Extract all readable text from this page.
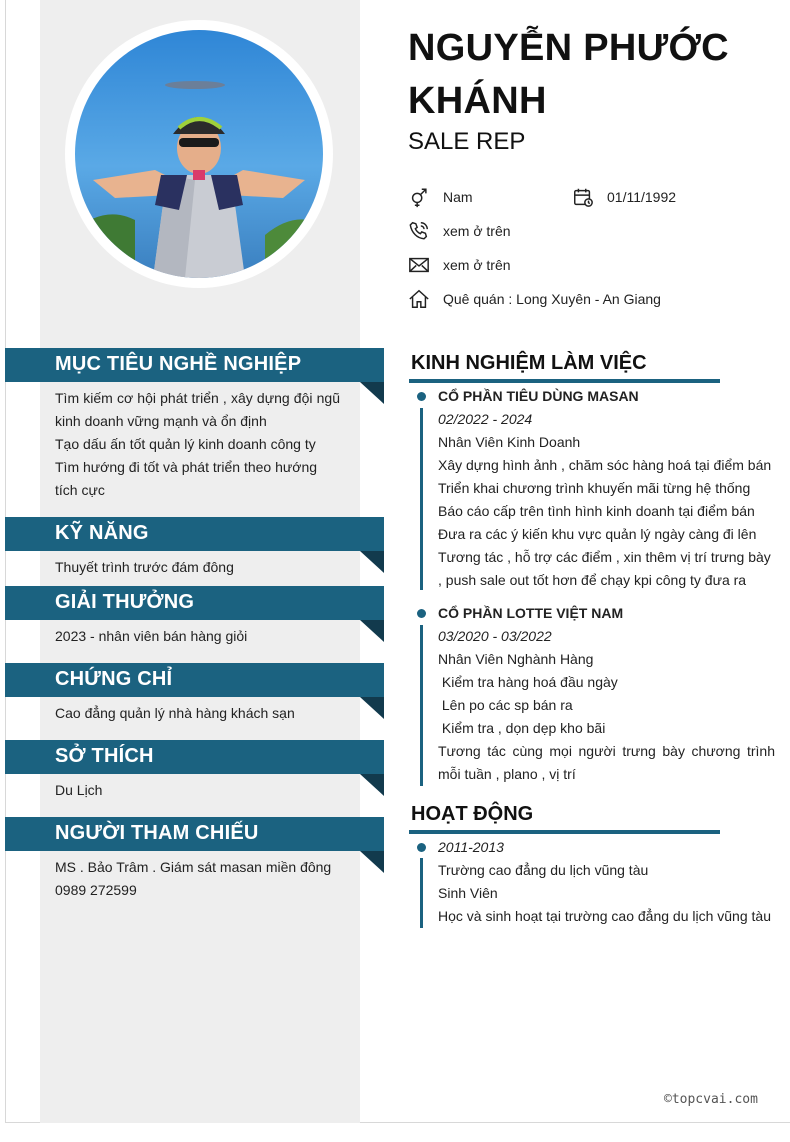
NGUYỄN PHƯỚC KHÁNH
SALE REP
Nam	01/11/1992
xem ở trên
xem ở trên
Quê quán : Long Xuyên - An Giang
MỤC TIÊU NGHỀ NGHIỆP
Tìm kiếm cơ hội phát triển , xây dựng đội ngũ kinh doanh vững mạnh và ổn định
Tạo dấu ấn tốt quản lý kinh doanh công ty
Tìm hướng đi tốt và phát triển theo hướng tích cực
KỸ NĂNG
Thuyết trình trước đám đông
GIẢI THƯỞNG
2023 - nhân viên bán hàng giỏi
CHỨNG CHỈ
Cao đẳng quản lý nhà hàng khách sạn
SỞ THÍCH
Du Lịch
NGƯỜI THAM CHIẾU
MS . Bảo Trâm . Giám sát masan miền đông
0989 272599
KINH NGHIỆM LÀM VIỆC
CỔ PHẦN TIÊU DÙNG MASAN
02/2022 - 2024
Nhân Viên Kinh Doanh
Xây dựng hình ảnh , chăm sóc hàng hoá tại điểm bán
Triển khai chương trình khuyến mãi từng hệ thống
Báo cáo cấp trên tình hình kinh doanh tại điểm bán
Đưa ra các ý kiến khu vực quản lý ngày càng đi lên
Tương tác , hỗ trợ các điểm , xin thêm vị trí trưng bày , push sale out tốt hơn để chạy kpi công ty đưa ra
CỔ PHẦN LOTTE VIỆT NAM
03/2020 - 03/2022
Nhân Viên Nghành Hàng
Kiểm tra hàng hoá đầu ngày
Lên po các sp bán ra
Kiểm tra , dọn dẹp kho bãi
Tương tác cùng mọi người trưng bày chương trình mỗi tuần , plano , vị trí
HOẠT ĐỘNG
2011-2013
Trường cao đẳng du lịch vũng tàu
Sinh Viên
Học và sinh hoạt tại trường cao đẳng du lịch vũng tàu
©topcvai.com
